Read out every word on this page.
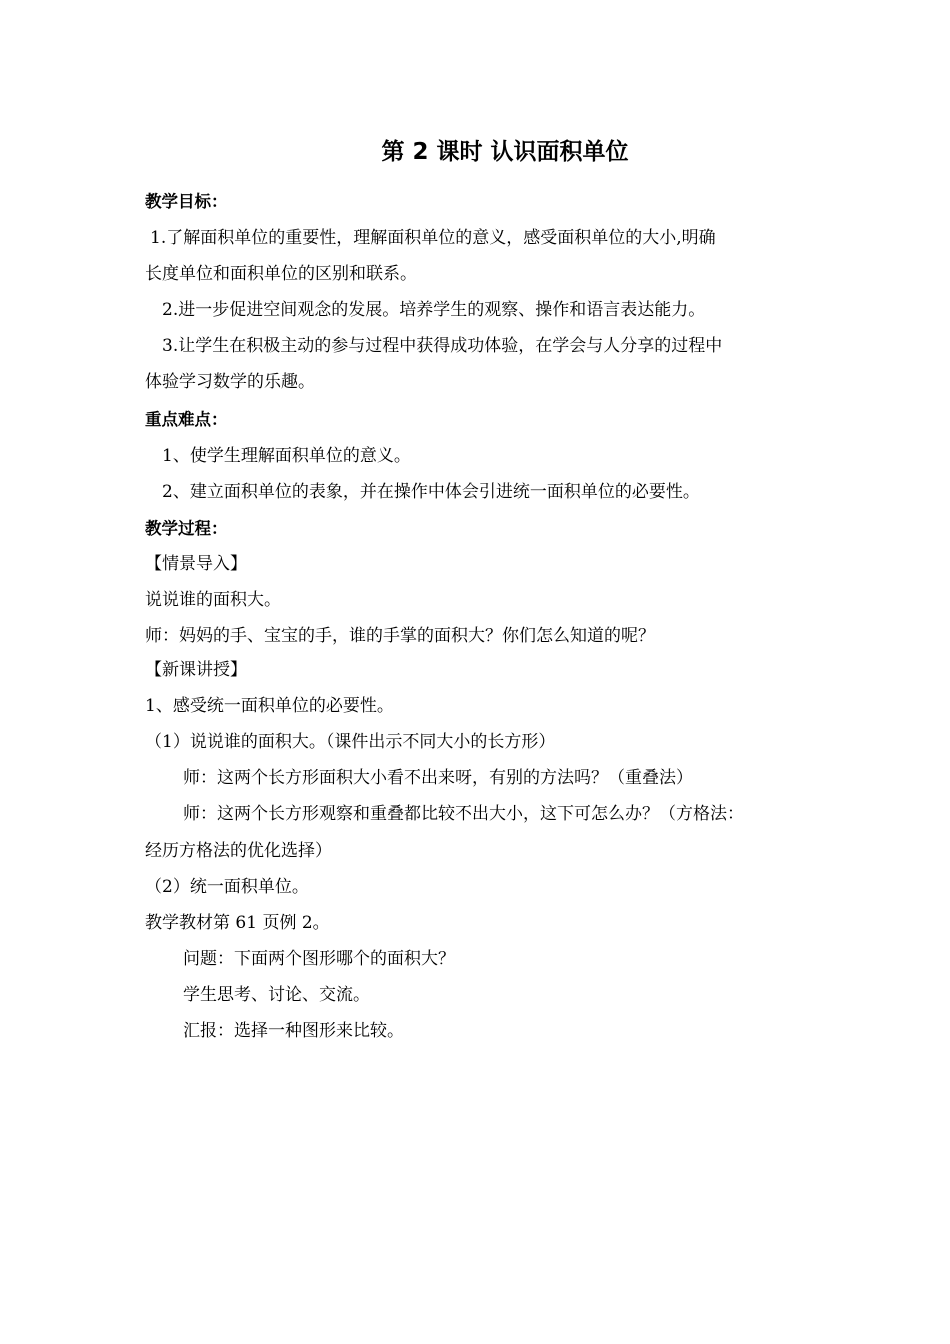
第 2 课时 认识面积单位
教学目标：
1.了解面积单位的重要性，理解面积单位的意义，感受面积单位的大小,明确
长度单位和面积单位的区别和联系。
2.进一步促进空间观念的发展。培养学生的观察、操作和语言表达能力。
3.让学生在积极主动的参与过程中获得成功体验，在学会与人分享的过程中
体验学习数学的乐趣。
重点难点：
1、使学生理解面积单位的意义。
2、建立面积单位的表象，并在操作中体会引进统一面积单位的必要性。
教学过程：
【情景导入】
说说谁的面积大。
师：妈妈的手、宝宝的手，谁的手掌的面积大？你们怎么知道的呢？
【新课讲授】
1、感受统一面积单位的必要性。
（1）说说谁的面积大。（课件出示不同大小的长方形）
师：这两个长方形面积大小看不出来呀，有别的方法吗？（重叠法）
师：这两个长方形观察和重叠都比较不出大小，这下可怎么办？（方格法：
经历方格法的优化选择）
（2）统一面积单位。
教学教材第 61 页例 2。
问题：下面两个图形哪个的面积大？
学生思考、讨论、交流。
汇报：选择一种图形来比较。
